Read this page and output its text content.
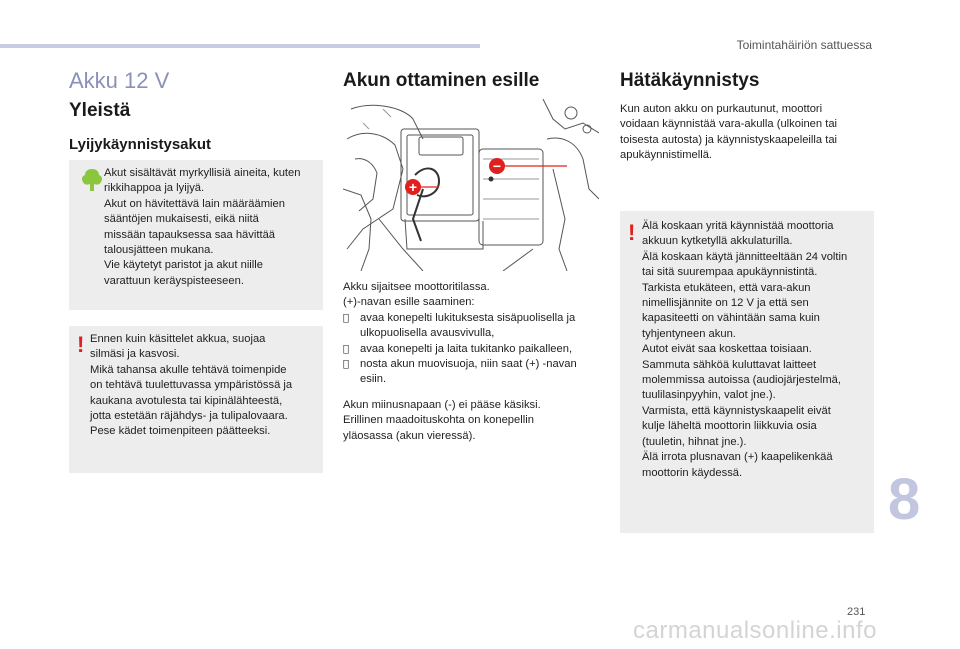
Toimintahäiriön sattuessa
Akku 12 V
Yleistä
Lyijykäynnistysakut
Akut sisältävät myrkyllisiä aineita, kuten
rikkihappoa ja lyijyä.
Akut on hävitettävä lain määräämien
sääntöjen mukaisesti, eikä niitä
missään tapauksessa saa hävittää
talousjätteen mukana.
Vie käytetyt paristot ja akut niille
varattuun keräyspisteeseen.
! Ennen kuin käsittelet akkua, suojaa
silmäsi ja kasvosi.
Mikä tahansa akulle tehtävä toimenpide
on tehtävä tuulettuvassa ympäristössä ja
kaukana avotulesta tai kipinälähteestä,
jotta estetään räjähdys- ja tulipalovaara.
Pese kädet toimenpiteen päätteeksi.
Akun ottaminen esille
+
−

Akku sijaitsee moottoritilassa.
(+)-navan esille saaminen:

avaa konepelti lukituksesta sisäpuolisella ja ulkopuolisella avausvivulla,
avaa konepelti ja laita tukitanko paikalleen,
nosta akun muovisuoja, niin saat (+) -navan esiin.

Akun miinusnapaan (-) ei pääse käsiksi.
Erillinen maadoituskohta on konepellin
yläosassa (akun vieressä).

Hätäkäynnistys

Kun auton akku on purkautunut, moottori
voidaan käynnistää vara-akulla (ulkoinen tai
toisesta autosta) ja käynnistyskaapeleilla tai
apukäynnistimellä.

! Älä koskaan yritä käynnistää moottoria
akkuun kytketyllä akkulaturilla.
Älä koskaan käytä jännitteeltään 24 voltin
tai sitä suurempaa apukäynnistintä.
Tarkista etukäteen, että vara-akun
nimellisjännite on 12 V ja että sen
kapasiteetti on vähintään sama kuin
tyhjentyneen akun.
Autot eivät saa koskettaa toisiaan.
Sammuta sähköä kuluttavat laitteet
molemmissa autoissa (audiojärjestelmä,
tuulilasinpyyhin, valot jne.).
Varmista, että käynnistyskaapelit eivät
kulje läheltä moottorin liikkuvia osia
(tuuletin, hihnat jne.).
Älä irrota plusnavan (+) kaapelikenkää
moottorin käydessä.	8
231
carmanualsonline.info
